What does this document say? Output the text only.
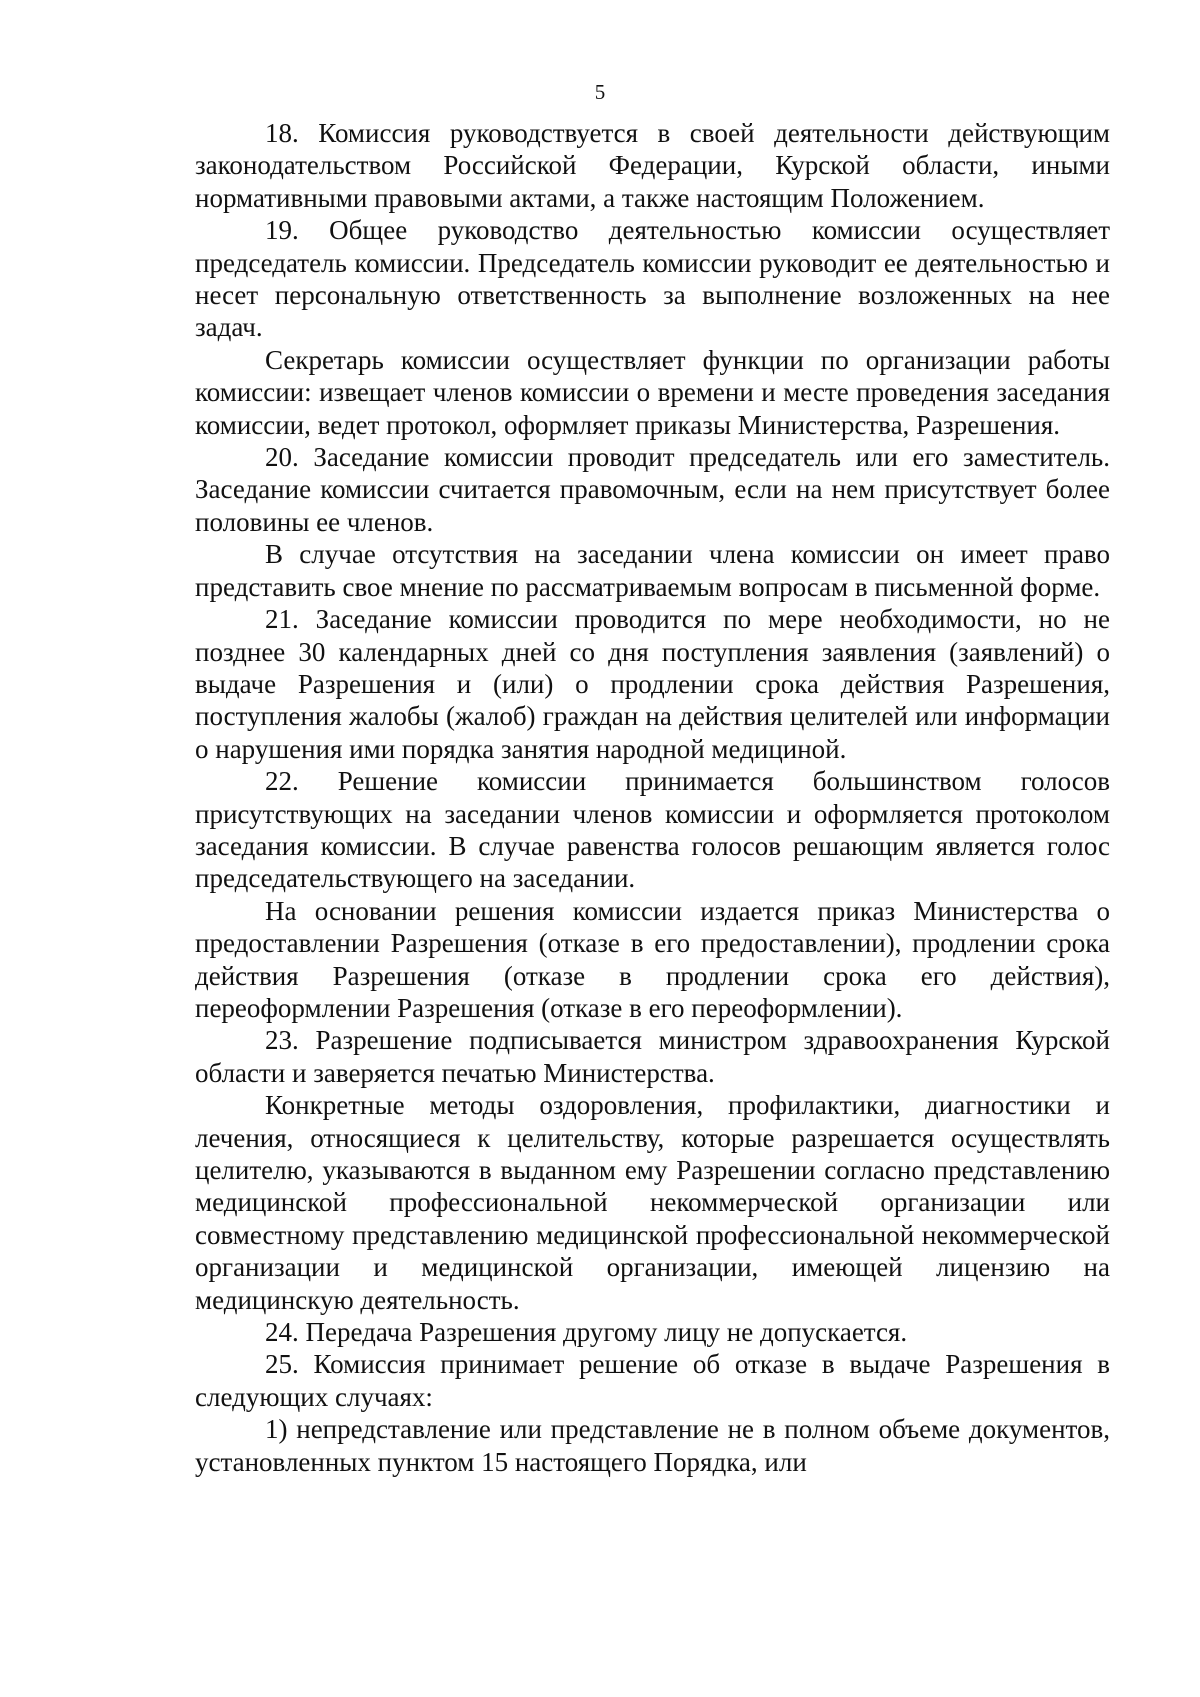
5

18. Комиссия руководствуется в своей деятельности действующим законодательством Российской Федерации, Курской области, иными нормативными правовыми актами, а также настоящим Положением.

19. Общее руководство деятельностью комиссии осуществляет председатель комиссии. Председатель комиссии руководит ее деятельностью и несет персональную ответственность за выполнение возложенных на нее задач.

Секретарь комиссии осуществляет функции по организации работы комиссии: извещает членов комиссии о времени и месте проведения заседания комиссии, ведет протокол, оформляет приказы Министерства, Разрешения.

20. Заседание комиссии проводит председатель или его заместитель. Заседание комиссии считается правомочным, если на нем присутствует более половины ее членов.

В случае отсутствия на заседании члена комиссии он имеет право представить свое мнение по рассматриваемым вопросам в письменной форме.

21. Заседание комиссии проводится по мере необходимости, но не позднее 30 календарных дней со дня поступления заявления (заявлений) о выдаче Разрешения и (или) о продлении срока действия Разрешения, поступления жалобы (жалоб) граждан на действия целителей или информации о нарушения ими порядка занятия народной медициной.

22. Решение комиссии принимается большинством голосов присутствующих на заседании членов комиссии и оформляется протоколом заседания комиссии. В случае равенства голосов решающим является голос председательствующего на заседании.

На основании решения комиссии издается приказ Министерства о предоставлении Разрешения (отказе в его предоставлении), продлении срока действия Разрешения (отказе в продлении срока его действия), переоформлении Разрешения (отказе в его переоформлении).

23. Разрешение подписывается министром здравоохранения Курской области и заверяется печатью Министерства.

Конкретные методы оздоровления, профилактики, диагностики и лечения, относящиеся к целительству, которые разрешается осуществлять целителю, указываются в выданном ему Разрешении согласно представлению медицинской профессиональной некоммерческой организации или совместному представлению медицинской профессиональной некоммерческой организации и медицинской организации, имеющей лицензию на медицинскую деятельность.

24. Передача Разрешения другому лицу не допускается.

25. Комиссия принимает решение об отказе в выдаче Разрешения в следующих случаях:

1) непредставление или представление не в полном объеме документов, установленных пунктом 15 настоящего Порядка, или
